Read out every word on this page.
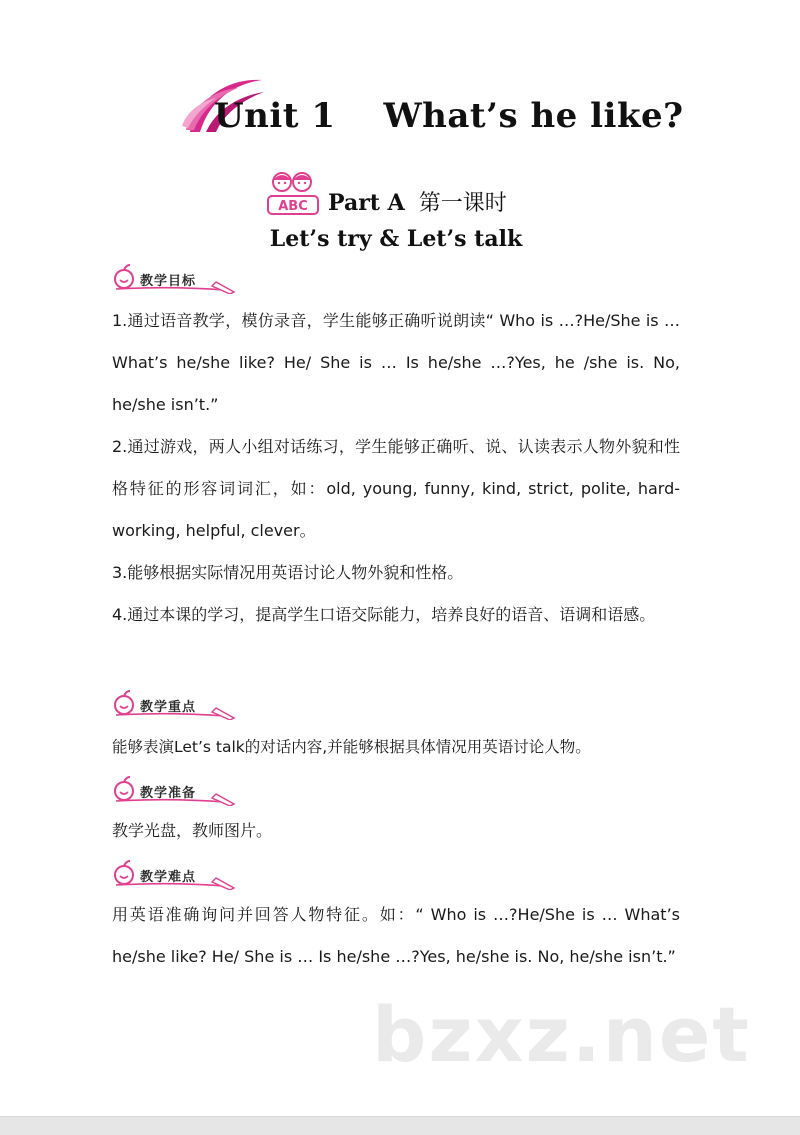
Unit 1 What’s he like?
ABC Part A 第一课时
Let’s try & Let’s talk
教学目标
1.通过语音教学，模仿录音，学生能够正确听说朗读“ Who is …?He/She is …What’s he/she like? He/ She is … Is he/she …?Yes, he /she is. No, he/she isn’t.”
2.通过游戏，两人小组对话练习，学生能够正确听、说、认读表示人物外貌和性格特征的形容词词汇，如：old, young, funny, kind, strict, polite, hard-working, helpful, clever。
3.能够根据实际情况用英语讨论人物外貌和性格。
4.通过本课的学习，提高学生口语交际能力，培养良好的语音、语调和语感。
教学重点
能够表演Let’s talk的对话内容,并能够根据具体情况用英语讨论人物。
教学准备
教学光盘，教师图片。
教学难点
用英语准确询问并回答人物特征。如：“ Who is …?He/She is … What’s he/she like? He/ She is … Is he/she …?Yes, he/she is. No, he/she isn’t.”
bzxz.net
